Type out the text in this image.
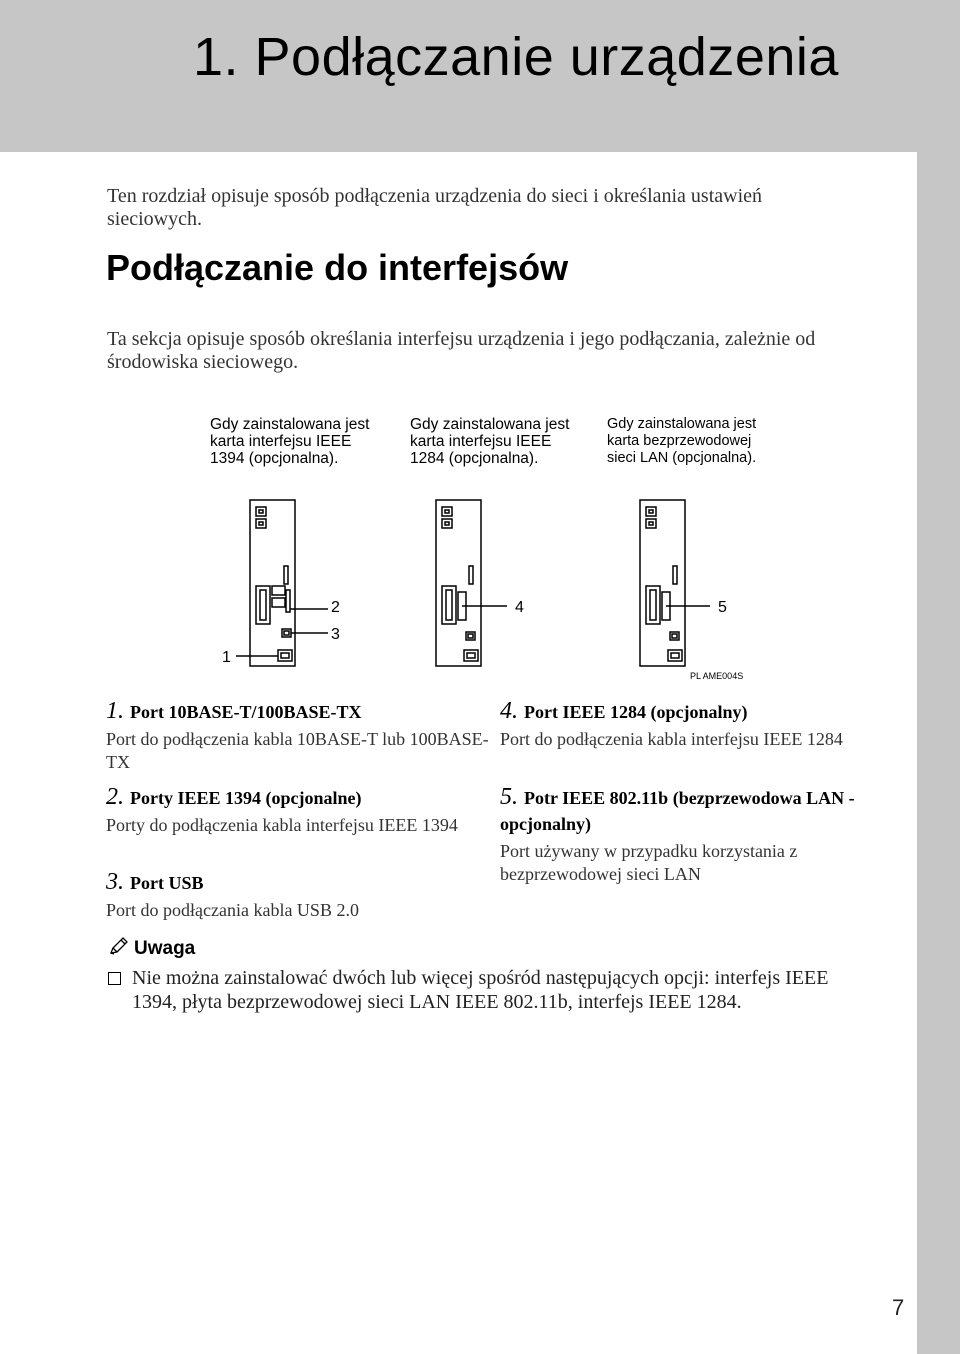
1. Podłączanie urządzenia

Ten rozdział opisuje sposób podłączenia urządzenia do sieci i określania ustawień sieciowych.

Podłączanie do interfejsów

Ta sekcja opisuje sposób określania interfejsu urządzenia i jego podłączania, zależnie od środowiska sieciowego.

Gdy zainstalowana jest karta interfejsu IEEE 1394 (opcjonalna).
Gdy zainstalowana jest karta interfejsu IEEE 1284 (opcjonalna).
Gdy zainstalowana jest karta bezprzewodowej sieci LAN (opcjonalna).
1
2
3
4	5
PL AME004S
1. Port 10BASE-T/100BASE-TX
Port do podłączenia kabla 10BASE-T lub 100BASE-TX
2. Porty IEEE 1394 (opcjonalne)
Porty do podłączenia kabla interfejsu IEEE 1394
3. Port USB
Port do podłączania kabla USB 2.0
4. Port IEEE 1284 (opcjonalny)
Port do podłączenia kabla interfejsu IEEE 1284
5. Potr IEEE 802.11b (bezprzewodowa LAN - opcjonalny)
Port używany w przypadku korzystania z bezprzewodowej sieci LAN
Uwaga

Nie można zainstalować dwóch lub więcej spośród następujących opcji: interfejs IEEE 1394, płyta bezprzewodowej sieci LAN IEEE 802.11b, interfejs IEEE 1284.

7
